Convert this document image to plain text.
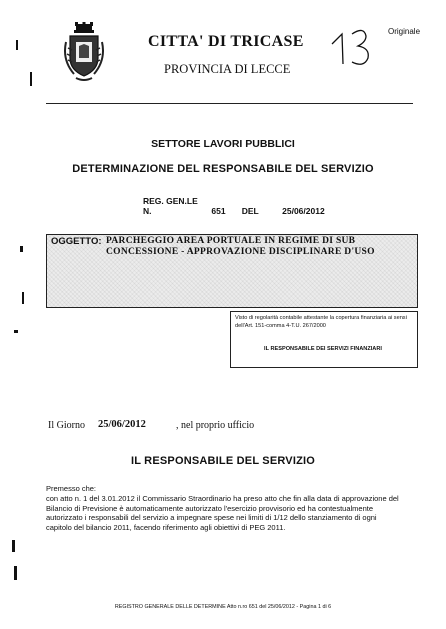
CITTA' DI TRICASE
PROVINCIA DI LECCE
Originale
SETTORE LAVORI PUBBLICI
DETERMINAZIONE DEL RESPONSABILE DEL SERVIZIO
REG. GEN.LE N.	651 DEL	25/06/2012
OGGETTO: PARCHEGGIO AREA PORTUALE IN REGIME DI SUB CONCESSIONE - APPROVAZIONE DISCIPLINARE D'USO
Visto di regolarità contabile attestante la copertura finanziaria ai sensi dell'Art. 151-comma 4-T.U. 267/2000
IL RESPONSABILE DEI SERVIZI FINANZIARI
Il Giorno 25/06/2012	, nel proprio ufficio
IL RESPONSABILE DEL SERVIZIO
Premesso che:
con atto n. 1 del 3.01.2012 il Commissario Straordinario ha preso atto che fin alla data di approvazione del Bilancio di Previsione è automaticamente autorizzato l'esercizio provvisorio ed ha contestualmente autorizzato i responsabili del servizio a impegnare spese nei limiti di 1/12 dello stanziamento di ogni capitolo del bilancio 2011, facendo riferimento agli obiettivi di PEG 2011.
REGISTRO GENERALE DELLE DETERMINE Atto n.ro 651 del 25/06/2012 - Pagina 1 di 6
